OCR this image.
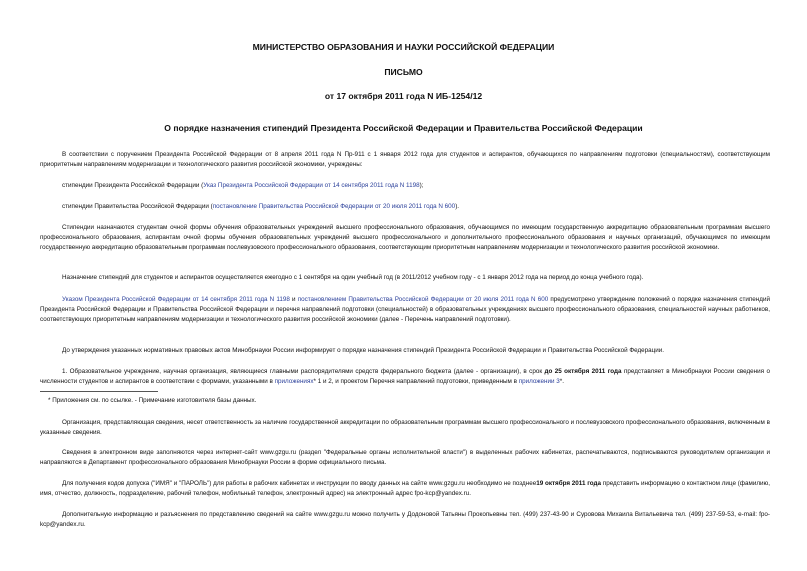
МИНИСТЕРСТВО ОБРАЗОВАНИЯ И НАУКИ РОССИЙСКОЙ ФЕДЕРАЦИИ
ПИСЬМО
от 17 октября 2011 года N ИБ-1254/12
О порядке назначения стипендий Президента Российской Федерации и Правительства Российской Федерации
В соответствии с поручением Президента Российской Федерации от 8 апреля 2011 года N Пр-911 с 1 января 2012 года для студентов и аспирантов, обучающихся по направлениям подготовки (специальностям), соответствующим приоритетным направлениям модернизации и технологического развития российской экономики, учреждены:
стипендии Президента Российской Федерации (Указ Президента Российской Федерации от 14 сентября 2011 года N 1198);
стипендии Правительства Российской Федерации (постановление Правительства Российской Федерации от 20 июля 2011 года N 600).
Стипендии назначаются студентам очной формы обучения образовательных учреждений высшего профессионального образования, обучающимся по имеющим государственную аккредитацию образовательным программам высшего профессионального образования, аспирантам очной формы обучения образовательных учреждений высшего профессионального и дополнительного профессионального образования и научных организаций, обучающимся по имеющим государственную аккредитацию образовательным программам послевузовского профессионального образования, соответствующим приоритетным направлениям модернизации и технологического развития российской экономики.
Назначение стипендий для студентов и аспирантов осуществляется ежегодно с 1 сентября на один учебный год (в 2011/2012 учебном году - с 1 января 2012 года на период до конца учебного года).
Указом Президента Российской Федерации от 14 сентября 2011 года N 1198 и постановлением Правительства Российской Федерации от 20 июля 2011 года N 600 предусмотрено утверждение положений о порядке назначения стипендий Президента Российской Федерации и Правительства Российской Федерации и перечня направлений подготовки (специальностей) в образовательных учреждениях высшего профессионального образования, специальностей научных работников, соответствующих приоритетным направлениям модернизации и технологического развития российской экономики (далее - Перечень направлений подготовки).
До утверждения указанных нормативных правовых актов Минобрнауки России информирует о порядке назначения стипендий Президента Российской Федерации и Правительства Российской Федерации.
1. Образовательное учреждение, научная организация, являющиеся главными распорядителями средств федерального бюджета (далее - организации), в срок до 25 октября 2011 года представляет в Минобрнауки России сведения о численности студентов и аспирантов в соответствии с формами, указанными в приложениях* 1 и 2, и проектом Перечня направлений подготовки, приведенным в приложении 3*.
* Приложения см. по ссылке. - Примечание изготовителя базы данных.
Организация, представляющая сведения, несет ответственность за наличие государственной аккредитации по образовательным программам высшего профессионального и послевузовского профессионального образования, включенным в указанные сведения.
Сведения в электронном виде заполняются через интернет-сайт www.gzgu.ru (раздел "Федеральные органы исполнительной власти") в выделенных рабочих кабинетах, распечатываются, подписываются руководителем организации и направляются в Департамент профессионального образования Минобрнауки России в форме официального письма.
Для получения кодов допуска ("ИМЯ" и "ПАРОЛЬ") для работы в рабочих кабинетах и инструкции по вводу данных на сайте www.gzgu.ru необходимо не позднее19 октября 2011 года представить информацию о контактном лице (фамилию, имя, отчество, должность, подразделение, рабочий телефон, мобильный телефон, электронный адрес) на электронный адрес fpo-kcp@yandex.ru.
Дополнительную информацию и разъяснения по представлению сведений на сайте www.gzgu.ru можно получить у Додоновой Татьяны Прокопьевны тел. (499) 237-43-90 и Суровова Михаила Витальевича тел. (499) 237-59-53, e-mail: fpo-kcp@yandex.ru.
